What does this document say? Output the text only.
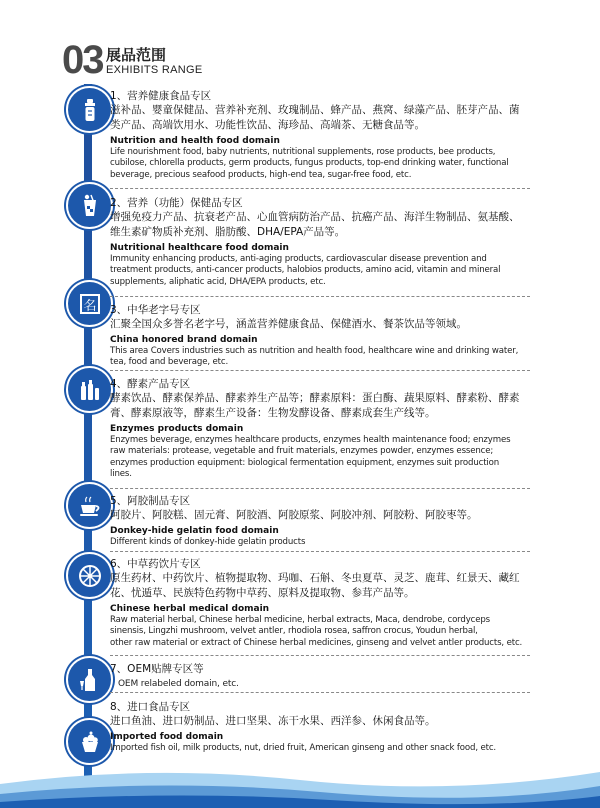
03 展品范围
EXHIBITS RANGE
名
1、营养健康食品专区
滋补品、婴童保健品、营养补充剂、玫瑰制品、蜂产品、燕窝、绿藻产品、胚芽产品、菌
类产品、高端饮用水、功能性饮品、海珍品、高端茶、无糖食品等。
Nutrition and health food domain
Life nourishment food, baby nutrients, nutritional supplements, rose products, bee products,
cubilose, chlorella products, germ products, fungus products, top-end drinking water, functional
beverage, precious seafood products, high-end tea, sugar-free food, etc.
2、营养（功能）保健品专区
增强免疫力产品、抗衰老产品、心血管病防治产品、抗癌产品、海洋生物制品、氨基酸、
维生素矿物质补充剂、脂肪酸、DHA/EPA产品等。
Nutritional healthcare food domain
Immunity enhancing products, anti-aging products, cardiovascular disease prevention and
treatment products, anti-cancer products, halobios products, amino acid, vitamin and mineral
supplements, aliphatic acid, DHA/EPA products, etc.
3、中华老字号专区
汇聚全国众多誉名老字号，涵盖营养健康食品、保健酒水、餐茶饮品等领域。
China honored brand domain
This area Covers industries such as nutrition and health food, healthcare wine and drinking water,
tea, food and beverage, etc.
4、酵素产品专区
酵素饮品、酵素保养品、酵素养生产品等；酵素原料：蛋白酶、蔬果原料、酵素粉、酵素
膏、酵素原液等，酵素生产设备：生物发酵设备、酵素成套生产线等。
Enzymes products domain
Enzymes beverage, enzymes healthcare products, enzymes health maintenance food; enzymes
raw materials: protease, vegetable and fruit materials, enzymes powder, enzymes essence;
enzymes production equipment: biological fermentation equipment, enzymes suit production
lines.
5、阿胶制品专区
阿胶片、阿胶糕、固元膏、阿胶酒、阿胶原浆、阿胶冲剂、阿胶粉、阿胶枣等。
Donkey-hide gelatin food domain
Different kinds of donkey-hide gelatin products
6、中草药饮片专区
原生药材、中药饮片、植物提取物、玛咖、石斛、冬虫夏草、灵芝、鹿茸、红景天、藏红
花、忧遁草、民族特色药物中草药、原料及提取物、参茸产品等。
Chinese herbal medical domain
Raw material herbal, Chinese herbal medicine, herbal extracts, Maca, dendrobe, cordyceps
sinensis, Lingzhi mushroom, velvet antler, rhodiola rosea, saffron crocus, Youdun herbal,
other raw material or extract of Chinese herbal medicines, ginseng and velvet antler products, etc.
7、OEM贴牌专区等
OEM relabeled domain, etc.
8、进口食品专区
进口鱼油、进口奶制品、进口坚果、冻干水果、西洋参、休闲食品等。
Imported food domain
Imported fish oil, milk products, nut, dried fruit, American ginseng and other snack food, etc.
